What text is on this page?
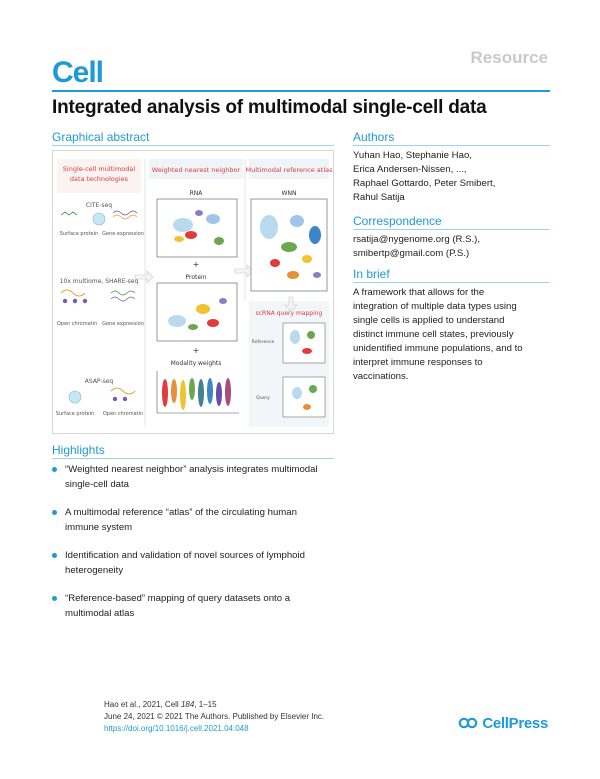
Cell	Resource
Integrated analysis of multimodal single-cell data
Graphical abstract
Single-cell multimodal
data technologies
Weighted nearest neighbor Multimodal reference atlas
CITE-seq
Surface protein Gene expression
10x multiome, SHARE-seq
Open chromatin Gene expression
ASAP-seq
Surface protein Open chromatin
RNA
+
Protein
+
Modality weights
WNN
scRNA query mapping
Reference
Query
Authors
Yuhan Hao, Stephanie Hao,
Erica Andersen-Nissen, ...,
Raphael Gottardo, Peter Smibert,
Rahul Satija
Correspondence
rsatija@nygenome.org (R.S.),
smibertp@gmail.com (P.S.)
In brief
A framework that allows for the
integration of multiple data types using
single cells is applied to understand
distinct immune cell states, previously
unidentified immune populations, and to
interpret immune responses to
vaccinations.
Highlights
“Weighted nearest neighbor” analysis integrates multimodal
single-cell data
A multimodal reference “atlas” of the circulating human
immune system
Identification and validation of novel sources of lymphoid
heterogeneity
“Reference-based” mapping of query datasets onto a
multimodal atlas
Hao et al., 2021, Cell 184, 1–15
June 24, 2021 © 2021 The Authors. Published by Elsevier Inc.
https://doi.org/10.1016/j.cell.2021.04.048	CellPress
